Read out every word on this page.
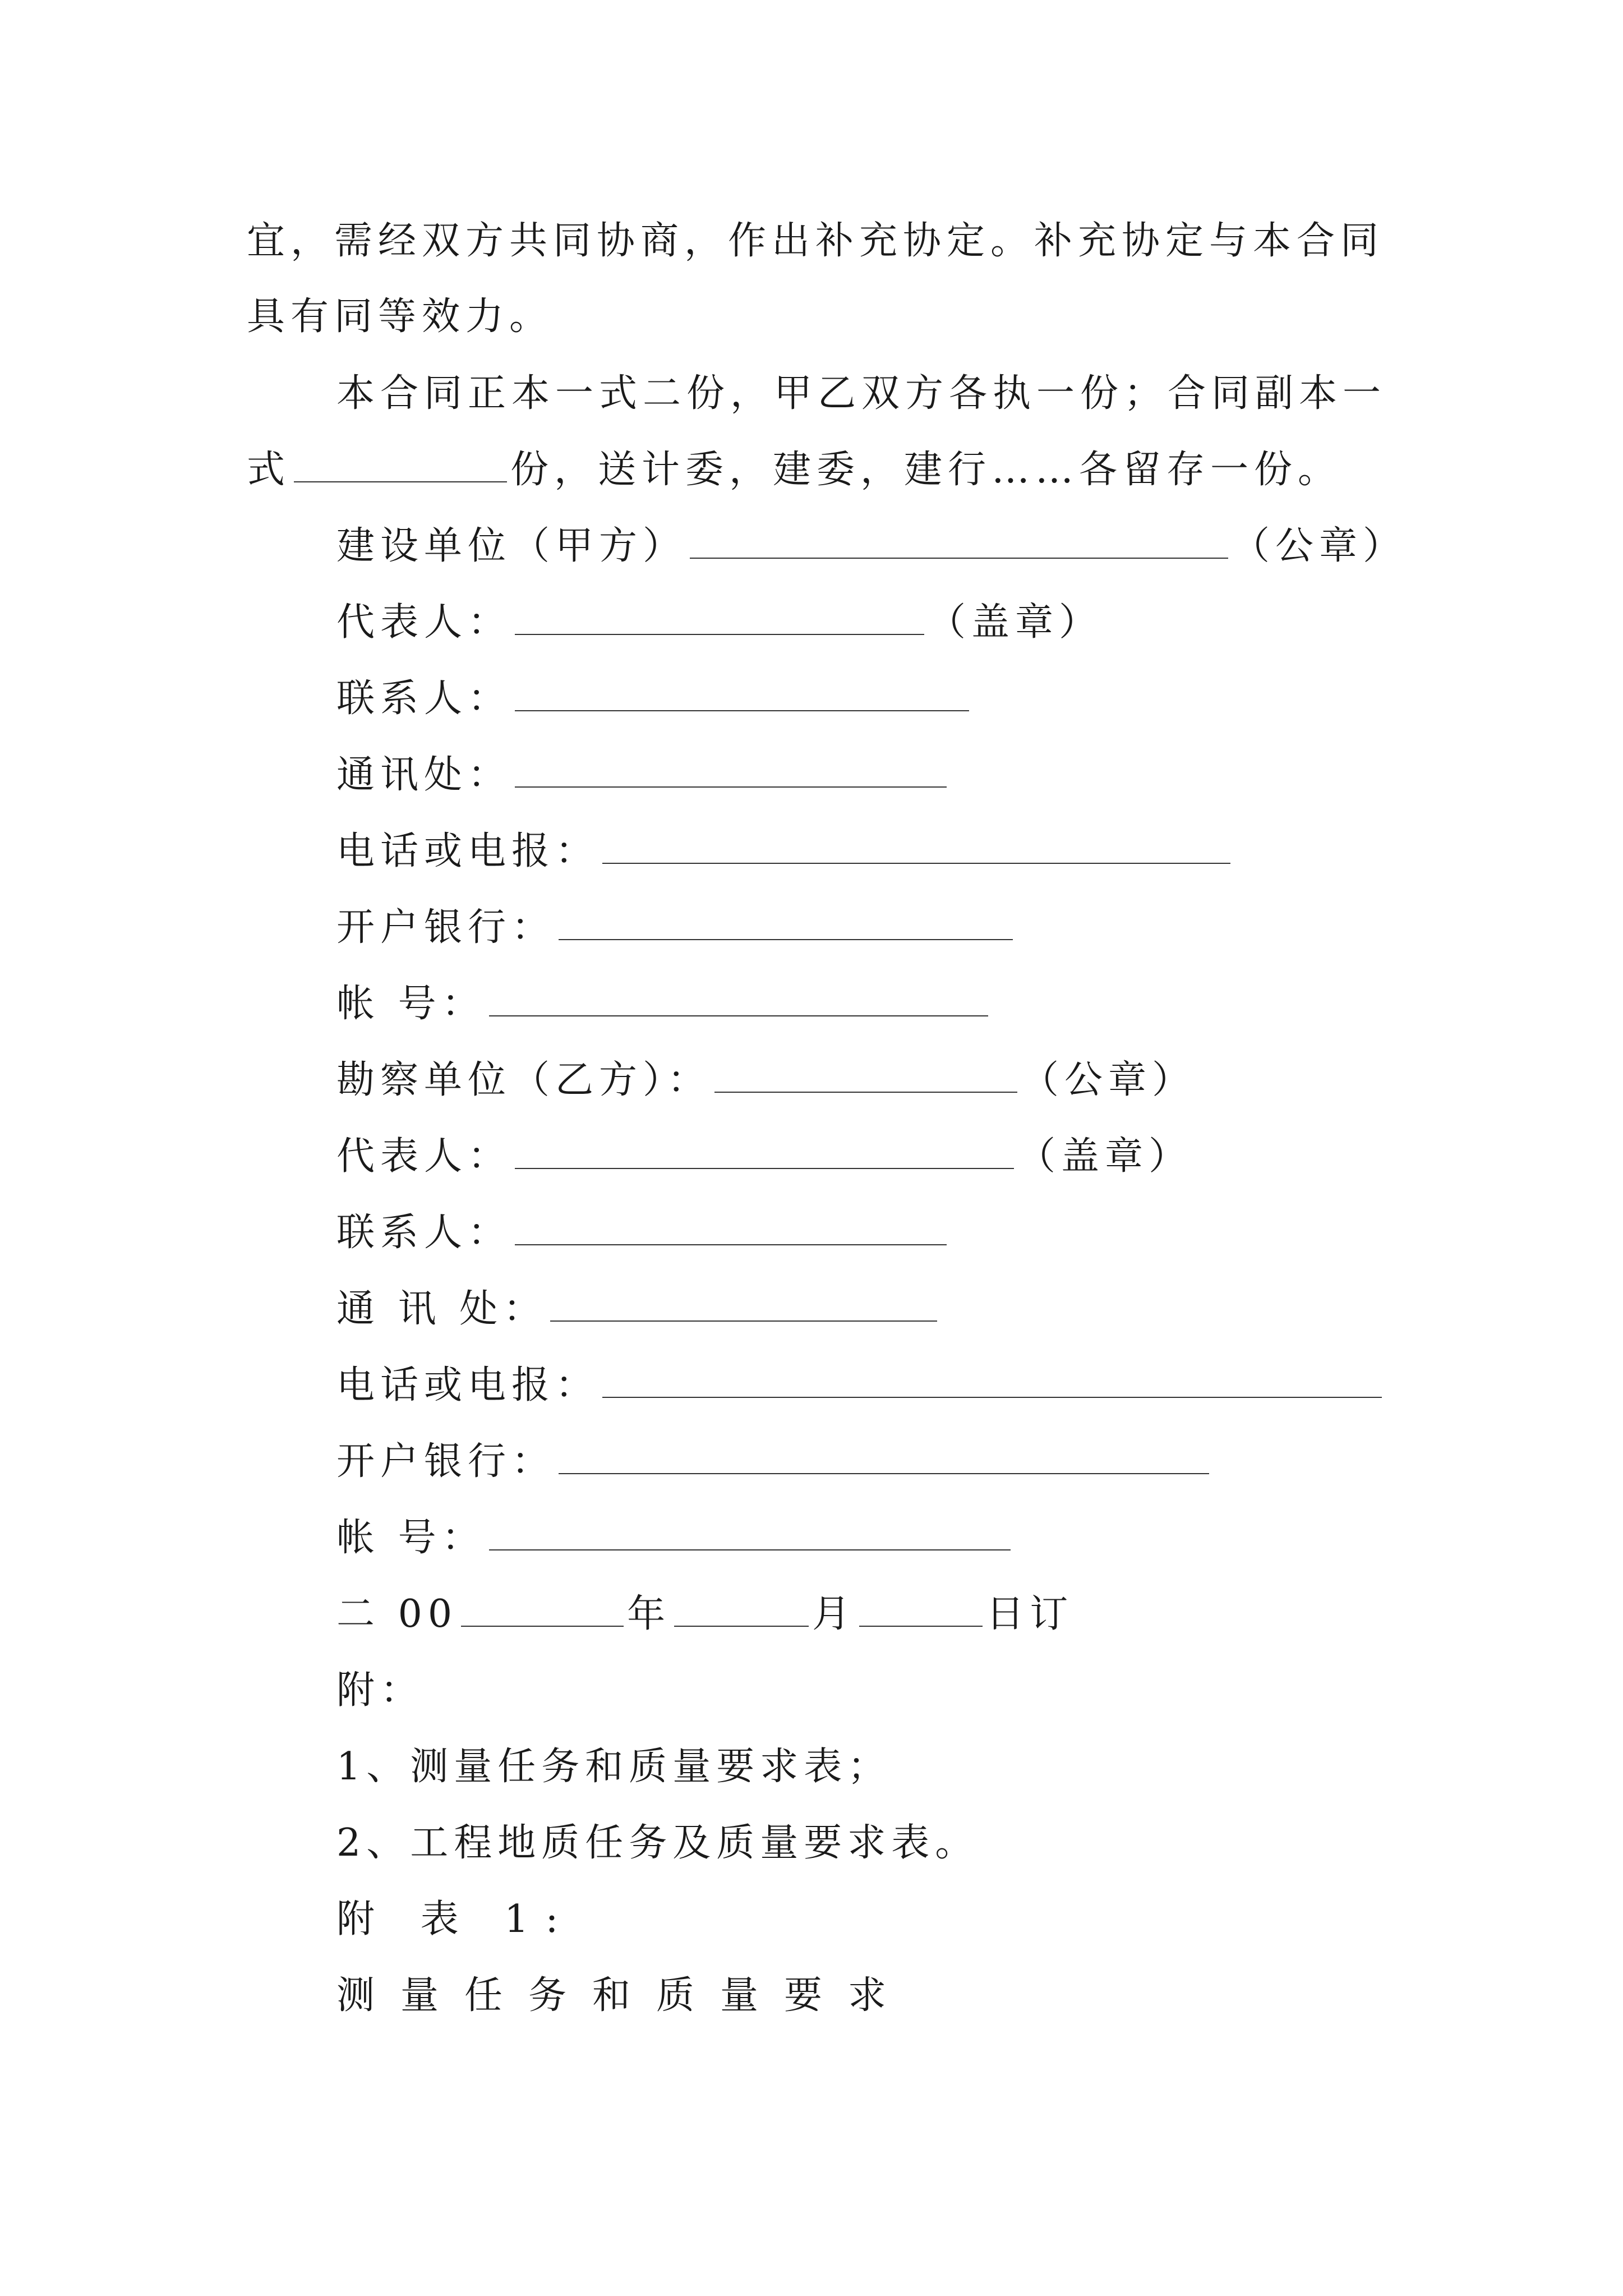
宜，需经双方共同协商，作出补充协定。补充协定与本合同
具有同等效力。
本合同正本一式二份，甲乙双方各执一份；合同副本一
式	份，送计委，建委，建行……各留存一份。
建设单位（甲方）	（公章）
代表人：	（盖章）
联系人：
通讯处：
电话或电报：
开户银行：
帐 号：
勘察单位（乙方）：	（公章）
代表人：	（盖章）
联系人：
通 讯 处：
电话或电报：
开户银行：
帐 号：
二 00	年	月	日订
附：
1、测量任务和质量要求表；
2、工程地质任务及质量要求表。
附 表 1:
测量任务和质量要求
